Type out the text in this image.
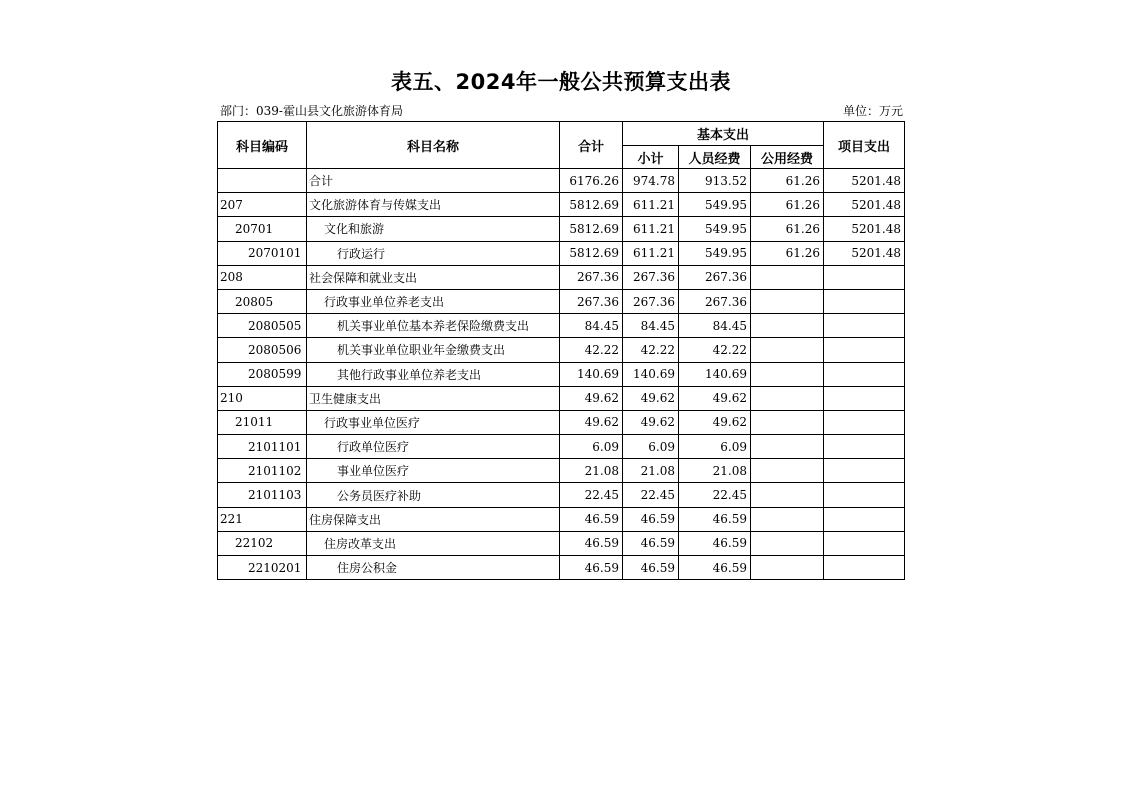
表五、2024年一般公共预算支出表
部门：039-霍山县文化旅游体育局	单位：万元
科目编码	科目名称	合计	基本支出			项目支出
			小计	人员经费	公用经费	
	合计	6176.26	974.78	913.52	61.26	5201.48
207	文化旅游体育与传媒支出	5812.69	611.21	549.95	61.26	5201.48
20701	文化和旅游	5812.69	611.21	549.95	61.26	5201.48
2070101	行政运行	5812.69	611.21	549.95	61.26	5201.48
208	社会保障和就业支出	267.36	267.36	267.36		
20805	行政事业单位养老支出	267.36	267.36	267.36		
2080505	机关事业单位基本养老保险缴费支出	84.45	84.45	84.45		
2080506	机关事业单位职业年金缴费支出	42.22	42.22	42.22		
2080599	其他行政事业单位养老支出	140.69	140.69	140.69		
210	卫生健康支出	49.62	49.62	49.62		
21011	行政事业单位医疗	49.62	49.62	49.62		
2101101	行政单位医疗	6.09	6.09	6.09		
2101102	事业单位医疗	21.08	21.08	21.08		
2101103	公务员医疗补助	22.45	22.45	22.45		
221	住房保障支出	46.59	46.59	46.59		
22102	住房改革支出	46.59	46.59	46.59		
2210201	住房公积金	46.59	46.59	46.59		
